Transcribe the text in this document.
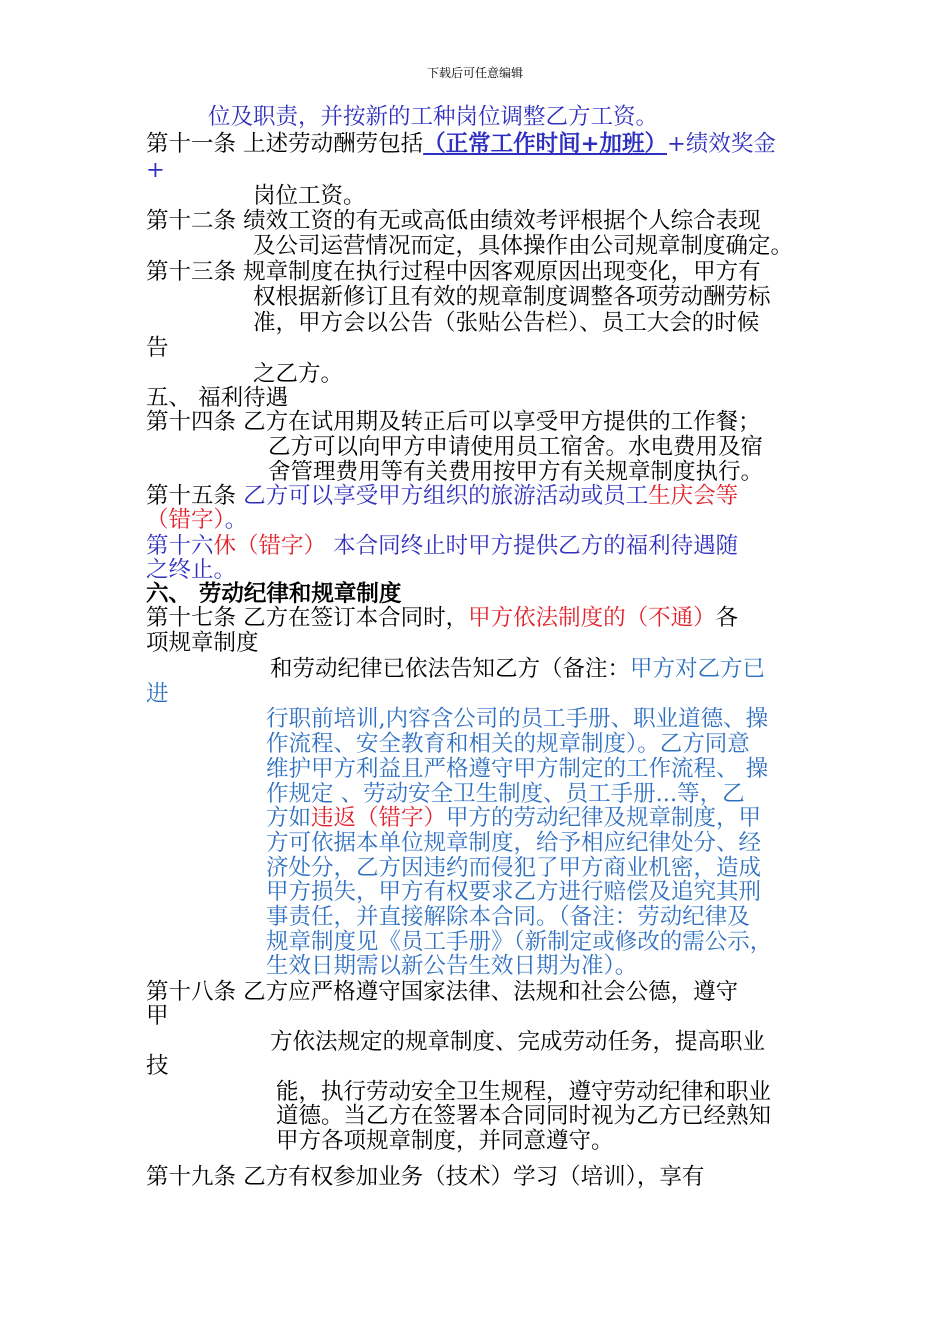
下载后可任意编辑

位及职责，并按新的工种岗位调整乙方工资。

第十一条 上述劳动酬劳包括（正常工作时间+加班）+绩效奖金

+

岗位工资。

第十二条 绩效工资的有无或高低由绩效考评根据个人综合表现

及公司运营情况而定，具体操作由公司规章制度确定。

第十三条 规章制度在执行过程中因客观原因出现变化，甲方有

权根据新修订且有效的规章制度调整各项劳动酬劳标

准，甲方会以公告（张贴公告栏）、员工大会的时候

告

之乙方。

五、 福利待遇

第十四条 乙方在试用期及转正后可以享受甲方提供的工作餐；

乙方可以向甲方申请使用员工宿舍。水电费用及宿

舍管理费用等有关费用按甲方有关规章制度执行。

第十五条 乙方可以享受甲方组织的旅游活动或员工生庆会等

（错字）。

第十六休（错字） 本合同终止时甲方提供乙方的福利待遇随

之终止。

六、 劳动纪律和规章制度

第十七条 乙方在签订本合同时，甲方依法制度的（不通）各

项规章制度

和劳动纪律已依法告知乙方（备注：甲方对乙方已

进

行职前培训,内容含公司的员工手册、职业道德、操

作流程、安全教育和相关的规章制度）。乙方同意

维护甲方利益且严格遵守甲方制定的工作流程、 操

作规定 、劳动安全卫生制度、员工手册...等，乙

方如违返（错字）甲方的劳动纪律及规章制度，甲

方可依据本单位规章制度，给予相应纪律处分、经

济处分，乙方因违约而侵犯了甲方商业机密，造成

甲方损失，甲方有权要求乙方进行赔偿及追究其刑

事责任，并直接解除本合同。（备注：劳动纪律及

规章制度见《员工手册》（新制定或修改的需公示，

生效日期需以新公告生效日期为准）。

第十八条 乙方应严格遵守国家法律、法规和社会公德，遵守

甲

方依法规定的规章制度、完成劳动任务，提高职业

技

能，执行劳动安全卫生规程，遵守劳动纪律和职业

道德。当乙方在签署本合同同时视为乙方已经熟知

甲方各项规章制度，并同意遵守。

第十九条 乙方有权参加业务（技术）学习（培训），享有
